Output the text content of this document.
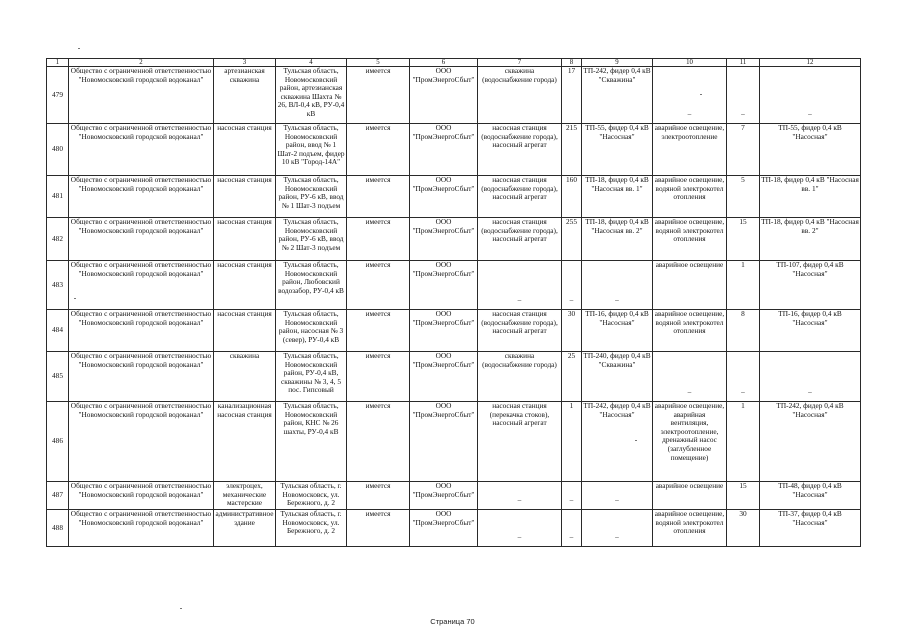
1	2	3	4	5	6	7	8	9	10	11	12
479	Общество с ограниченной ответственностью "Новомосковский городской водоканал"	артезианская скважина	Тульская область, Новомосковский район, артезианская скважина Шахта № 26, ВЛ-0,4 кВ, РУ-0,4 кВ	имеется	ООО "ПромЭнергоСбыт"	скважина (водоснабжение города)	17	ТП-242, фидер 0,4 кВ "Скважина"	–	–	–
480	Общество с ограниченной ответственностью "Новомосковский городской водоканал"	насосная станция	Тульская область, Новомосковский район, ввод № 1 Шат-2 подъем, фидер 10 кВ "Город-14А"	имеется	ООО "ПромЭнергоСбыт"	насосная станция (водоснабжение города), насосный агрегат	215	ТП-55, фидер 0,4 кВ "Насосная"	аварийное освещение, электроотопление	7	ТП-55, фидер 0,4 кВ "Насосная"
481	Общество с ограниченной ответственностью "Новомосковский городской водоканал"	насосная станция	Тульская область, Новомосковский район, РУ-6 кВ, ввод № 1 Шат-3 подъем	имеется	ООО "ПромЭнергоСбыт"	насосная станция (водоснабжение города), насосный агрегат	160	ТП-18, фидер 0,4 кВ "Насосная вв. 1"	аварийное освещение, водяной электрокотел отопления	5	ТП-18, фидер 0,4 кВ "Насосная вв. 1"
482	Общество с ограниченной ответственностью "Новомосковский городской водоканал"	насосная станция	Тульская область, Новомосковский район, РУ-6 кВ, ввод № 2 Шат-3 подъем	имеется	ООО "ПромЭнергоСбыт"	насосная станция (водоснабжение города), насосный агрегат	255	ТП-18, фидер 0,4 кВ "Насосная вв. 2"	аварийное освещение, водяной электрокотел отопления	15	ТП-18, фидер 0,4 кВ "Насосная вв. 2"
483	Общество с ограниченной ответственностью "Новомосковский городской водоканал"	насосная станция	Тульская область, Новомосковский район, Любовский водозабор, РУ-0,4 кВ	имеется	ООО "ПромЭнергоСбыт"	–	–	–	аварийное освещение	1	ТП-107, фидер 0,4 кВ "Насосная"
484	Общество с ограниченной ответственностью "Новомосковский городской водоканал"	насосная станция	Тульская область, Новомосковский район, насосная № 3 (север), РУ-0,4 кВ	имеется	ООО "ПромЭнергоСбыт"	насосная станция (водоснабжение города), насосный агрегат	30	ТП-16, фидер 0,4 кВ "Насосная"	аварийное освещение, водяной электрокотел отопления	8	ТП-16, фидер 0,4 кВ "Насосная"
485	Общество с ограниченной ответственностью "Новомосковский городской водоканал"	скважина	Тульская область, Новомосковский район, РУ-0,4 кВ, скважины № 3, 4, 5 пос. Гипсовый	имеется	ООО "ПромЭнергоСбыт"	скважина (водоснабжение города)	25	ТП-240, фидер 0,4 кВ "Скважина"	–	–	–
486	Общество с ограниченной ответственностью "Новомосковский городской водоканал"	канализационная насосная станция	Тульская область, Новомосковский район, КНС № 26 шахты, РУ-0,4 кВ	имеется	ООО "ПромЭнергоСбыт"	насосная станция (перекачка стоков), насосный агрегат	1	ТП-242, фидер 0,4 кВ "Насосная"	аварийное освещение, аварийная вентиляция, электроотопление, дренажный насос (заглубленное помещение)	1	ТП-242, фидер 0,4 кВ "Насосная"
487	Общество с ограниченной ответственностью "Новомосковский городской водоканал"	электроцех, механические мастерские	Тульская область, г. Новомосковск, ул. Бережного, д. 2	имеется	ООО "ПромЭнергоСбыт"	–	–	–	аварийное освещение	15	ТП-48, фидер 0,4 кВ "Насосная"
488	Общество с ограниченной ответственностью "Новомосковский городской водоканал"	административное здание	Тульская область, г. Новомосковск, ул. Бережного, д. 2	имеется	ООО "ПромЭнергоСбыт"	–	–	–	аварийное освещение, водяной электрокотел отопления	30	ТП-37, фидер 0,4 кВ "Насосная"
Страница 70
